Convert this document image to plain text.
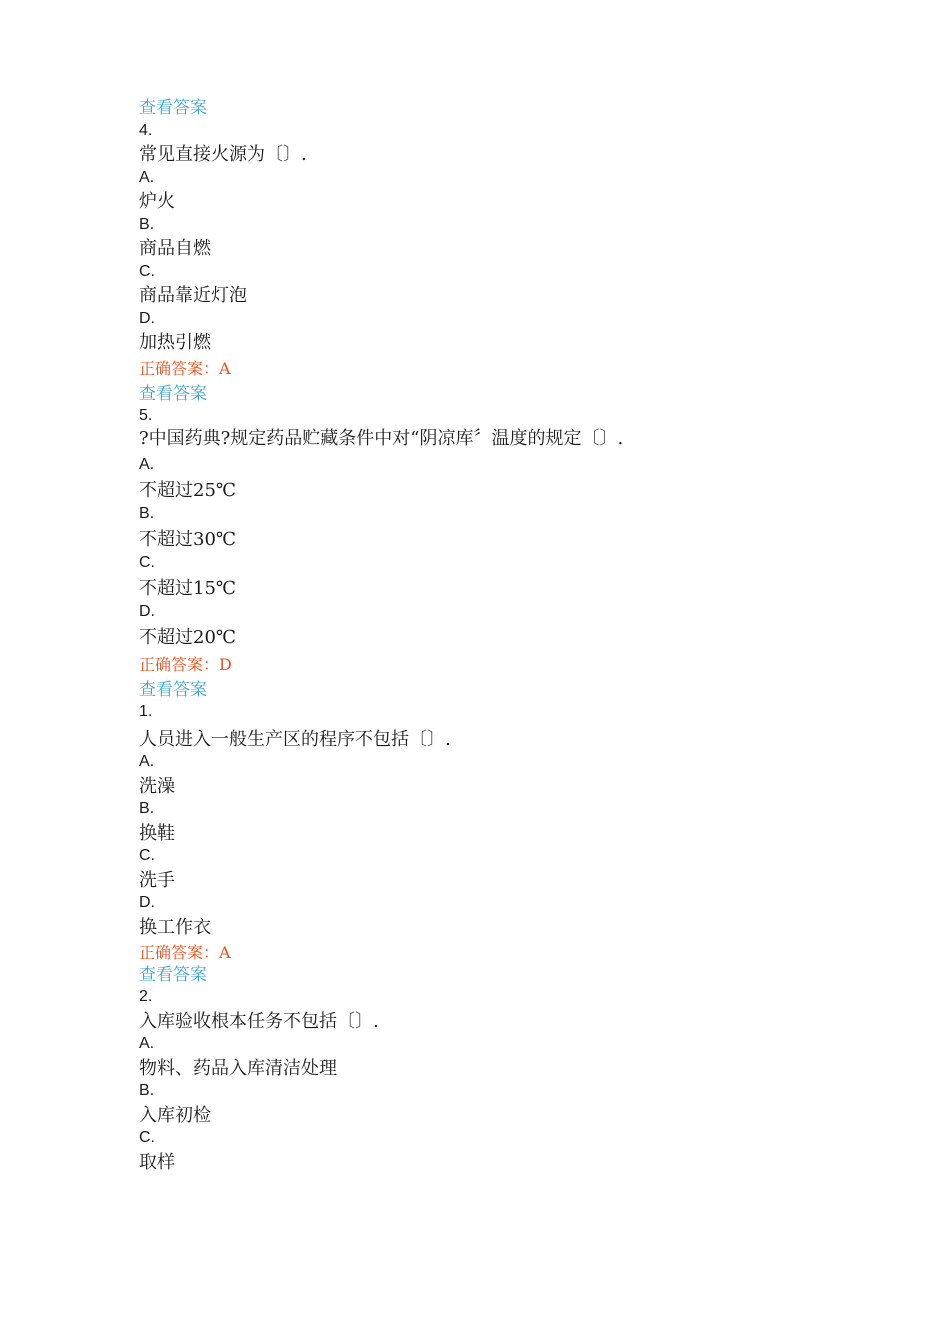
查看答案
4.
常见直接火源为〔〕.
A.
炉火
B.
商品自燃
C.
商品靠近灯泡
D.
加热引燃
正确答案：A
查看答案
5.
?中国药典?规定药品贮藏条件中对“阴凉库〞温度的规定〔〕.
A.
不超过25℃
B.
不超过30℃
C.
不超过15℃
D.
不超过20℃
正确答案：D
查看答案
1.
人员进入一般生产区的程序不包括〔〕.
A.
洗澡
B.
换鞋
C.
洗手
D.
换工作衣
正确答案：A
查看答案
2.
入库验收根本任务不包括〔〕.
A.
物料、药品入库清洁处理
B.
入库初检
C.
取样
